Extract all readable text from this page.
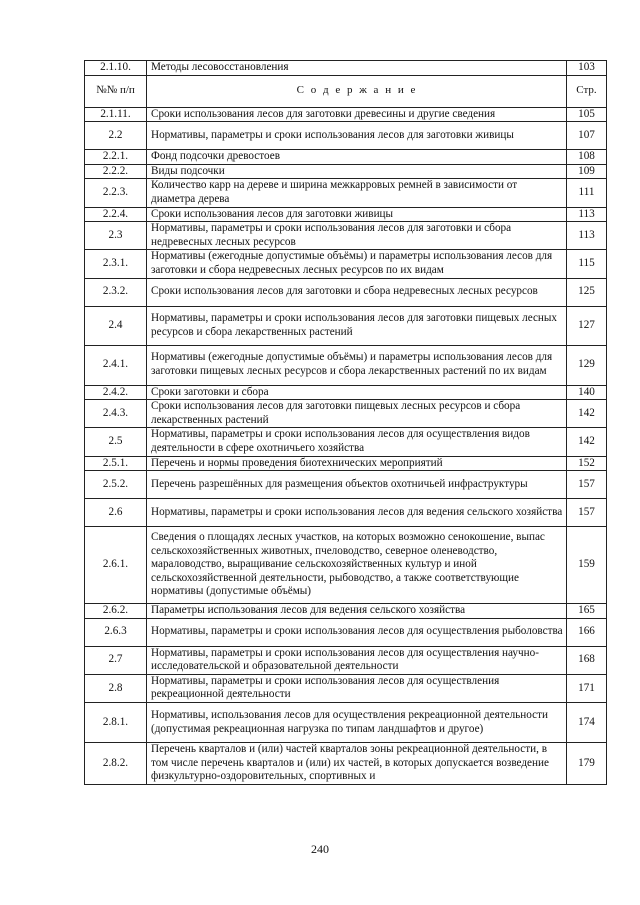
2.1.10.	Методы лесовосстановления	103
№№ п/п	С о д е р ж а н и е	Стр.
2.1.11.	Сроки использования лесов для заготовки древесины и другие сведения	105
2.2	Нормативы, параметры и сроки использования лесов для заготовки живицы	107
2.2.1.	Фонд подсочки древостоев	108
2.2.2.	Виды подсочки	109
2.2.3.	Количество карр на дереве и ширина межкарровых ремней в зависимости от диаметра дерева	111
2.2.4.	Сроки использования лесов для заготовки живицы	113
2.3	Нормативы, параметры и сроки использования лесов для заготовки и сбора недревесных лесных ресурсов	113
2.3.1.	Нормативы (ежегодные допустимые объёмы) и параметры использования лесов для заготовки и сбора недревесных лесных ресурсов по их видам	115
2.3.2.	Сроки использования лесов для заготовки и сбора недревесных лесных ресурсов	125
2.4	Нормативы, параметры и сроки использования лесов для заготовки пищевых лесных ресурсов и сбора лекарственных растений	127
2.4.1.	Нормативы (ежегодные допустимые объёмы) и параметры использования лесов для заготовки пищевых лесных ресурсов и сбора лекарственных растений по их видам	129
2.4.2.	Сроки заготовки и сбора	140
2.4.3.	Сроки использования лесов для заготовки пищевых лесных ресурсов и сбора лекарственных растений	142
2.5	Нормативы, параметры и сроки использования лесов для осуществления видов деятельности в сфере охотничьего хозяйства	142
2.5.1.	Перечень и нормы проведения биотехнических мероприятий	152
2.5.2.	Перечень разрешённых для размещения объектов охотничьей инфраструктуры	157
2.6	Нормативы, параметры и сроки использования лесов для ведения сельского хозяйства	157
2.6.1.	Сведения о площадях лесных участков, на которых возможно сенокошение, выпас сельскохозяйственных животных, пчеловодство, северное оленеводство, мараловодство, выращивание сельскохозяйственных культур и иной сельскохозяйственной деятельности, рыбоводство, а также соответствующие нормативы (допустимые объёмы)	159
2.6.2.	Параметры использования лесов для ведения сельского хозяйства	165
2.6.3	Нормативы, параметры и сроки использования лесов для осуществления рыболовства	166
2.7	Нормативы, параметры и сроки использования лесов для осуществления научно-исследовательской и образовательной деятельности	168
2.8	Нормативы, параметры и сроки использования лесов для осуществления рекреационной деятельности	171
2.8.1.	Нормативы, использования лесов для осуществления рекреационной деятельности (допустимая рекреационная нагрузка по типам ландшафтов и другое)	174
2.8.2.	Перечень кварталов и (или) частей кварталов зоны рекреационной деятельности, в том числе перечень кварталов и (или) их частей, в которых допускается возведение физкультурно-оздоровительных, спортивных и	179
240
